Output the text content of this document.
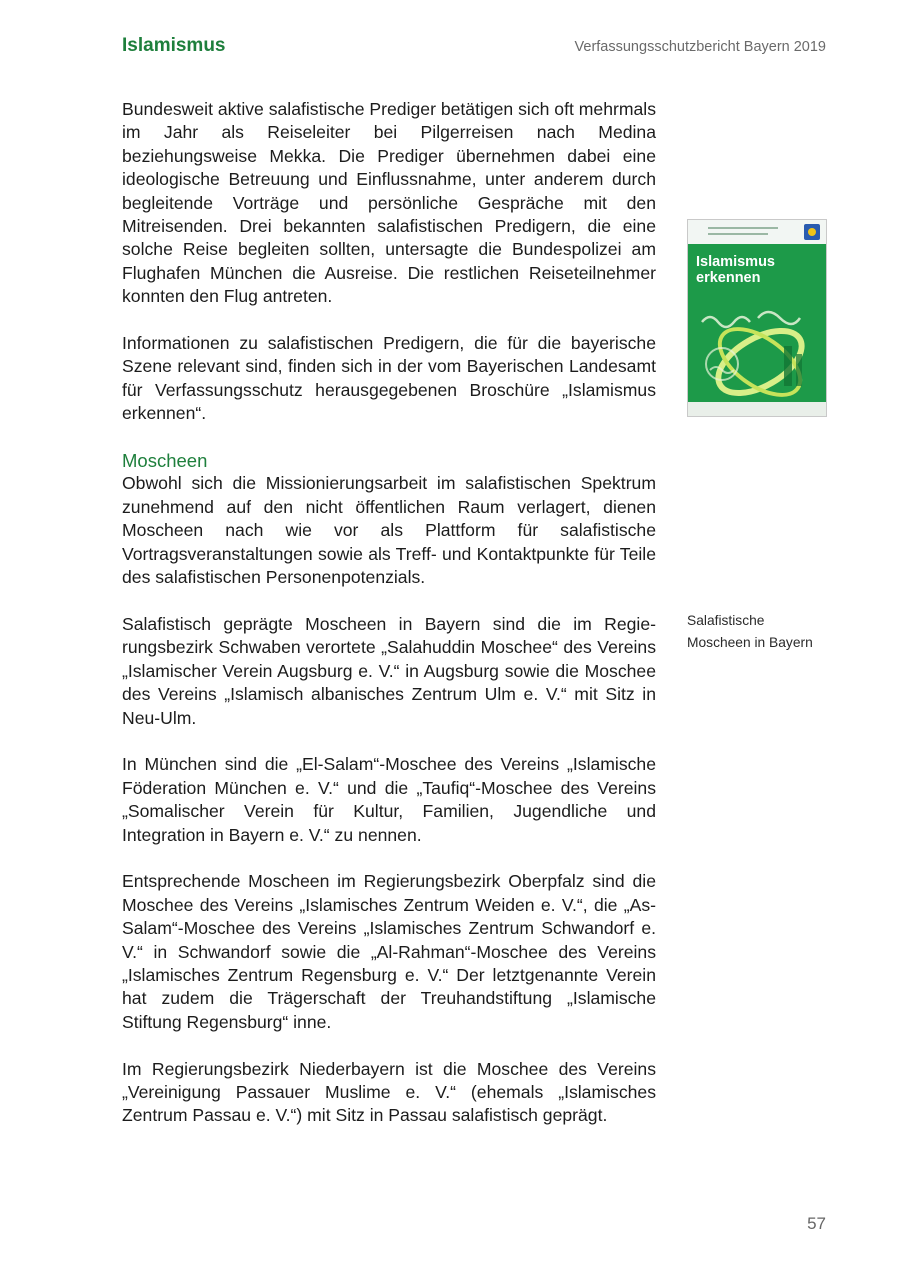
Islamismus	Verfassungsschutzbericht Bayern 2019

Bundesweit aktive salafistische Prediger betätigen sich oft mehrmals im Jahr als Reiseleiter bei Pilgerreisen nach Medina beziehungsweise Mekka. Die Prediger übernehmen dabei eine ideologische Betreuung und Einflussnahme, unter anderem durch begleitende Vorträge und persönliche Gespräche mit den Mitreisenden. Drei bekannten salafistischen Predigern, die eine solche Reise begleiten sollten, untersagte die Bundespolizei am Flughafen München die Ausreise. Die restlichen Reiseteilnehmer konnten den Flug antreten.

Informationen zu salafistischen Predigern, die für die bayerische Szene relevant sind, finden sich in der vom Bayerischen Landesamt für Verfassungsschutz herausgegebenen Broschüre „Islamismus erkennen“.

Moscheen

Obwohl sich die Missionierungsarbeit im salafistischen Spektrum zunehmend auf den nicht öffentlichen Raum verlagert, dienen Moscheen nach wie vor als Plattform für salafistische Vortragsveranstaltungen sowie als Treff- und Kontaktpunkte für Teile des salafistischen Personenpotenzials.

Salafistisch geprägte Moscheen in Bayern sind die im Regierungsbezirk Schwaben verortete „Salahuddin Moschee“ des Vereins „Islamischer Verein Augsburg e. V.“ in Augsburg sowie die Moschee des Vereins „Islamisch albanisches Zentrum Ulm e. V.“ mit Sitz in Neu-Ulm.

In München sind die „El-Salam“-Moschee des Vereins „Islamische Föderation München e. V.“ und die „Taufiq“-Moschee des Vereins „Somalischer Verein für Kultur, Familien, Jugendliche und Integration in Bayern e. V.“ zu nennen.

Entsprechende Moscheen im Regierungsbezirk Oberpfalz sind die Moschee des Vereins „Islamisches Zentrum Weiden e. V.“, die „As-Salam“-Moschee des Vereins „Islamisches Zentrum Schwandorf e. V.“ in Schwandorf sowie die „Al-Rahman“-Moschee des Vereins „Islamisches Zentrum Regensburg e. V.“ Der letztgenannte Verein hat zudem die Trägerschaft der Treuhandstiftung „Islamische Stiftung Regensburg“ inne.

Im Regierungsbezirk Niederbayern ist die Moschee des Vereins „Vereinigung Passauer Muslime e. V.“ (ehemals „Islamisches Zentrum Passau e. V.“) mit Sitz in Passau salafistisch geprägt.

Islamismus
erkennen
Salafistische
Moscheen in Bayern
57
